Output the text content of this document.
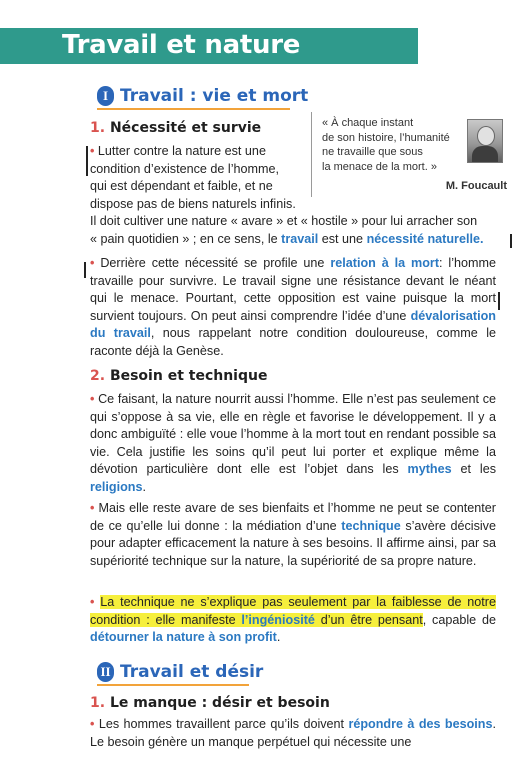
Travail et nature
I Travail : vie et mort
1. Nécessité et survie	« À chaque instant
de son histoire, l’humanité
ne travaille que sous
la menace de la mort. »
M. Foucault
• Lutter contre la nature est une
condition d’existence de l’homme,
qui est dépendant et faible, et ne
dispose pas de biens naturels infinis.
Il doit cultiver une nature « avare » et « hostile » pour lui arracher son
« pain quotidien » ; en ce sens, le travail est une nécessité naturelle.
• Derrière cette nécessité se profile une relation à la mort: l’homme travaille pour survivre. Le travail signe une résistance devant le néant qui le menace. Pourtant, cette opposition est vaine puisque la mort survient toujours. On peut ainsi comprendre l’idée d’une dévalorisation du travail, nous rappelant notre condition douloureuse, comme le raconte déjà la Genèse.
2. Besoin et technique
• Ce faisant, la nature nourrit aussi l’homme. Elle n’est pas seulement ce qui s’oppose à sa vie, elle en règle et favorise le développement. Il y a donc ambiguïté : elle voue l’homme à la mort tout en rendant possible sa vie. Cela justifie les soins qu’il peut lui porter et explique même la dévotion particulière dont elle est l’objet dans les mythes et les religions.
• Mais elle reste avare de ses bienfaits et l’homme ne peut se contenter de ce qu’elle lui donne : la médiation d’une technique s’avère décisive pour adapter efficacement la nature à ses besoins. Il affirme ainsi, par sa supériorité technique sur la nature, la supériorité de sa propre nature.
• La technique ne s’explique pas seulement par la faiblesse de notre condition : elle manifeste l’ingéniosité d’un être pensant, capable de détourner la nature à son profit.
II Travail et désir
1. Le manque : désir et besoin
• Les hommes travaillent parce qu’ils doivent répondre à des besoins. Le besoin génère un manque perpétuel qui nécessite une
